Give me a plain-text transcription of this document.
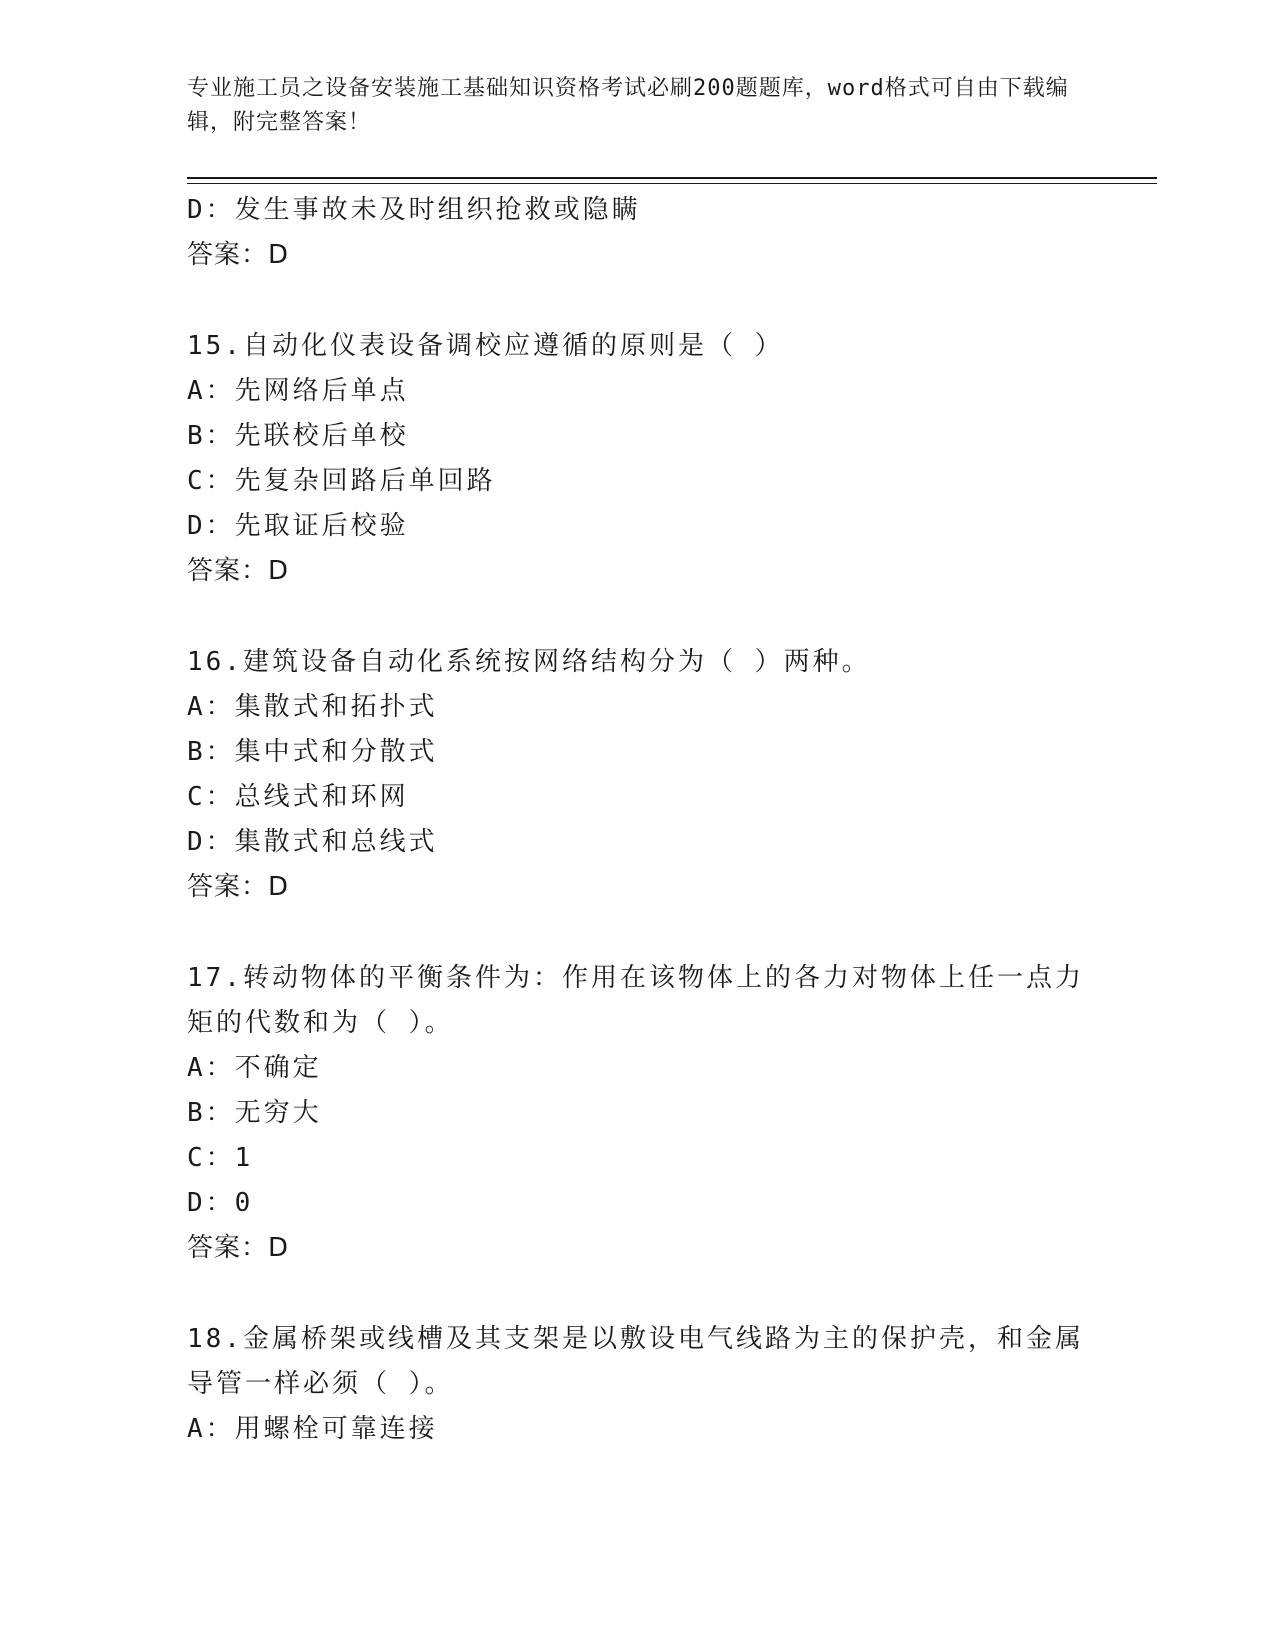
专业施工员之设备安装施工基础知识资格考试必刷200题题库，word格式可自由下载编辑，附完整答案！
D：发生事故未及时组织抢救或隐瞒
答案：D
15.自动化仪表设备调校应遵循的原则是（ ）
A：先网络后单点
B：先联校后单校
C：先复杂回路后单回路
D：先取证后校验
答案：D
16.建筑设备自动化系统按网络结构分为（ ）两种。
A：集散式和拓扑式
B：集中式和分散式
C：总线式和环网
D：集散式和总线式
答案：D
17.转动物体的平衡条件为：作用在该物体上的各力对物体上任一点力
矩的代数和为（ ）。
A：不确定
B：无穷大
C：1
D：0
答案：D
18.金属桥架或线槽及其支架是以敷设电气线路为主的保护壳，和金属
导管一样必须（ ）。
A：用螺栓可靠连接
